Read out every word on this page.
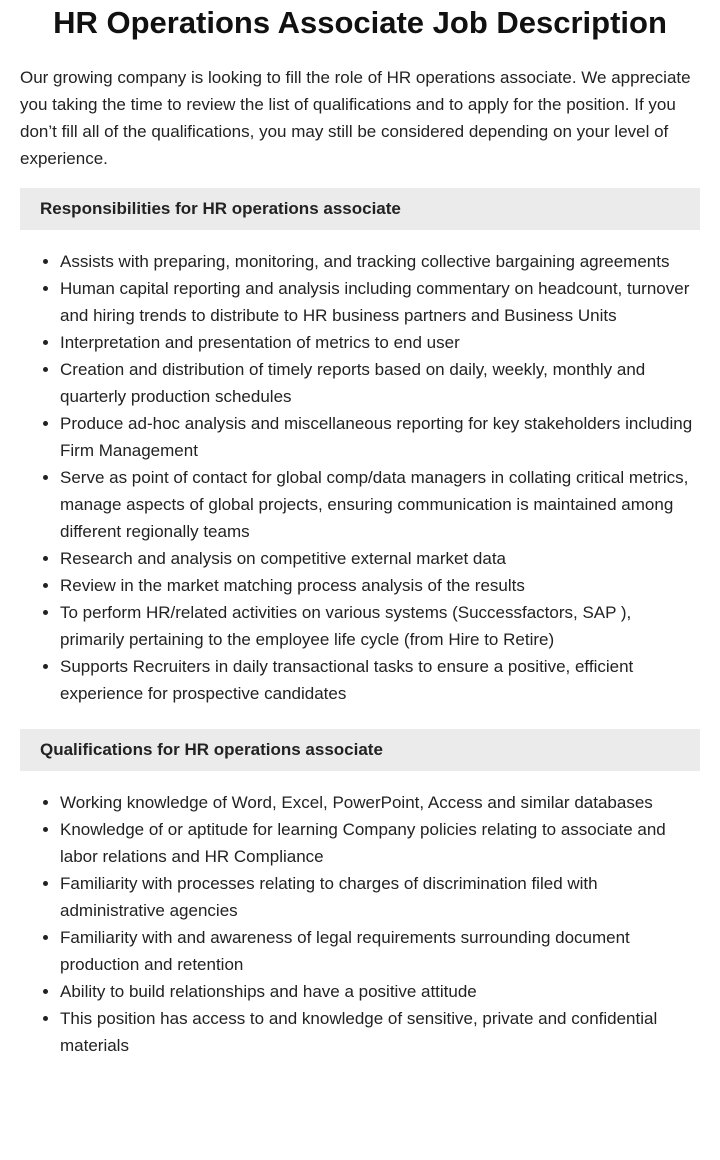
HR Operations Associate Job Description

Our growing company is looking to fill the role of HR operations associate. We appreciate you taking the time to review the list of qualifications and to apply for the position. If you don’t fill all of the qualifications, you may still be considered depending on your level of experience.

Responsibilities for HR operations associate
• Assists with preparing, monitoring, and tracking collective bargaining agreements
• Human capital reporting and analysis including commentary on headcount, turnover and hiring trends to distribute to HR business partners and Business Units
• Interpretation and presentation of metrics to end user
• Creation and distribution of timely reports based on daily, weekly, monthly and quarterly production schedules
• Produce ad-hoc analysis and miscellaneous reporting for key stakeholders including Firm Management
• Serve as point of contact for global comp/data managers in collating critical metrics, manage aspects of global projects, ensuring communication is maintained among different regionally teams
• Research and analysis on competitive external market data
• Review in the market matching process analysis of the results
• To perform HR/related activities on various systems (Successfactors, SAP ), primarily pertaining to the employee life cycle (from Hire to Retire)
• Supports Recruiters in daily transactional tasks to ensure a positive, efficient experience for prospective candidates
Qualifications for HR operations associate
• Working knowledge of Word, Excel, PowerPoint, Access and similar databases
• Knowledge of or aptitude for learning Company policies relating to associate and labor relations and HR Compliance
• Familiarity with processes relating to charges of discrimination filed with administrative agencies
• Familiarity with and awareness of legal requirements surrounding document production and retention
• Ability to build relationships and have a positive attitude
• This position has access to and knowledge of sensitive, private and confidential materials
